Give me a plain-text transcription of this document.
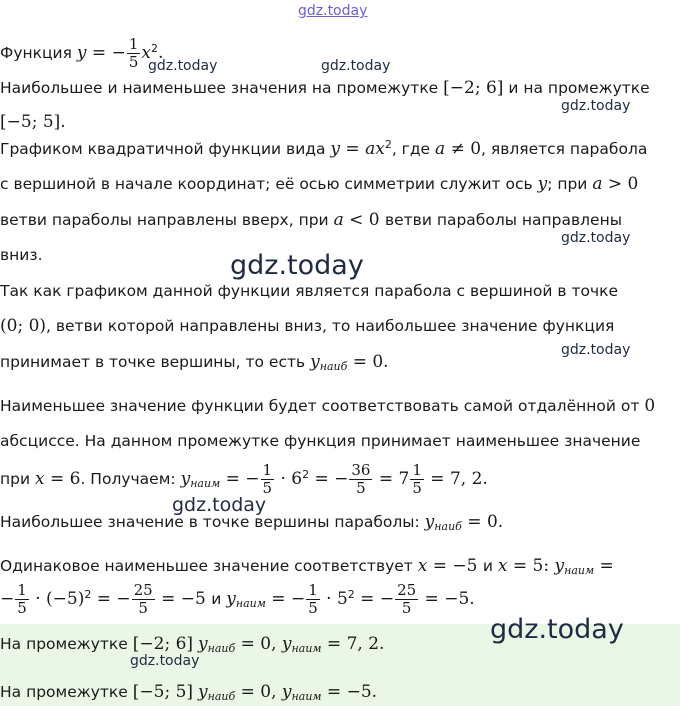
gdz.today
gdz.today	gdz.today
gdz.today
gdz.today
gdz.today
gdz.today
gdz.today
gdz.today
gdz.today
Функция y = − $\frac{1}{5} x^2$.
Наибольшее и наименьшее значения на промежутке [−2; 6] и на промежутке
[−5; 5].
Графиком квадратичной функции вида $y = ax^2$, где a ≠ 0, является парабола
с вершиной в начале координат; её осью симметрии служит ось y; при a > 0
ветви параболы направлены вверх, при a < 0 ветви параболы направлены
вниз.
Так как графиком данной функции является парабола с вершиной в точке
(0; 0), ветви которой направлены вниз, то наибольшее значение функция
принимает в точке вершины, то есть $y_{наиб} = 0$.
Наименьшее значение функции будет соответствовать самой отдалённой от 0
абсциссе. На данном промежутке функция принимает наименьшее значение
при x = 6. Получаем: $y_{наим}$ = − $\frac{1}{5} \cdot 6^2$ = − $\frac{36}{5} = 7 \frac{1}{5} = 7$, 2.
Наибольшее значение в точке вершины параболы: $y_{наиб} = 0$.
Одинаковое наименьшее значение соответствует x = −5 и x = 5: $y_{наим}$ =
− $\frac{1}{5} \cdot (-5)^2$ = − $\frac{25}{5} = -5$ и $y_{наим}$ = − $\frac{1}{5} \cdot 5^2$ = − $\frac{25}{5} = -5$.
На промежутке [−2; 6] $y_{наиб} = 0$, $y_{наим} = 7$, 2.
На промежутке [−5; 5] $y_{наиб} = 0$, $y_{наим} = -5$.
